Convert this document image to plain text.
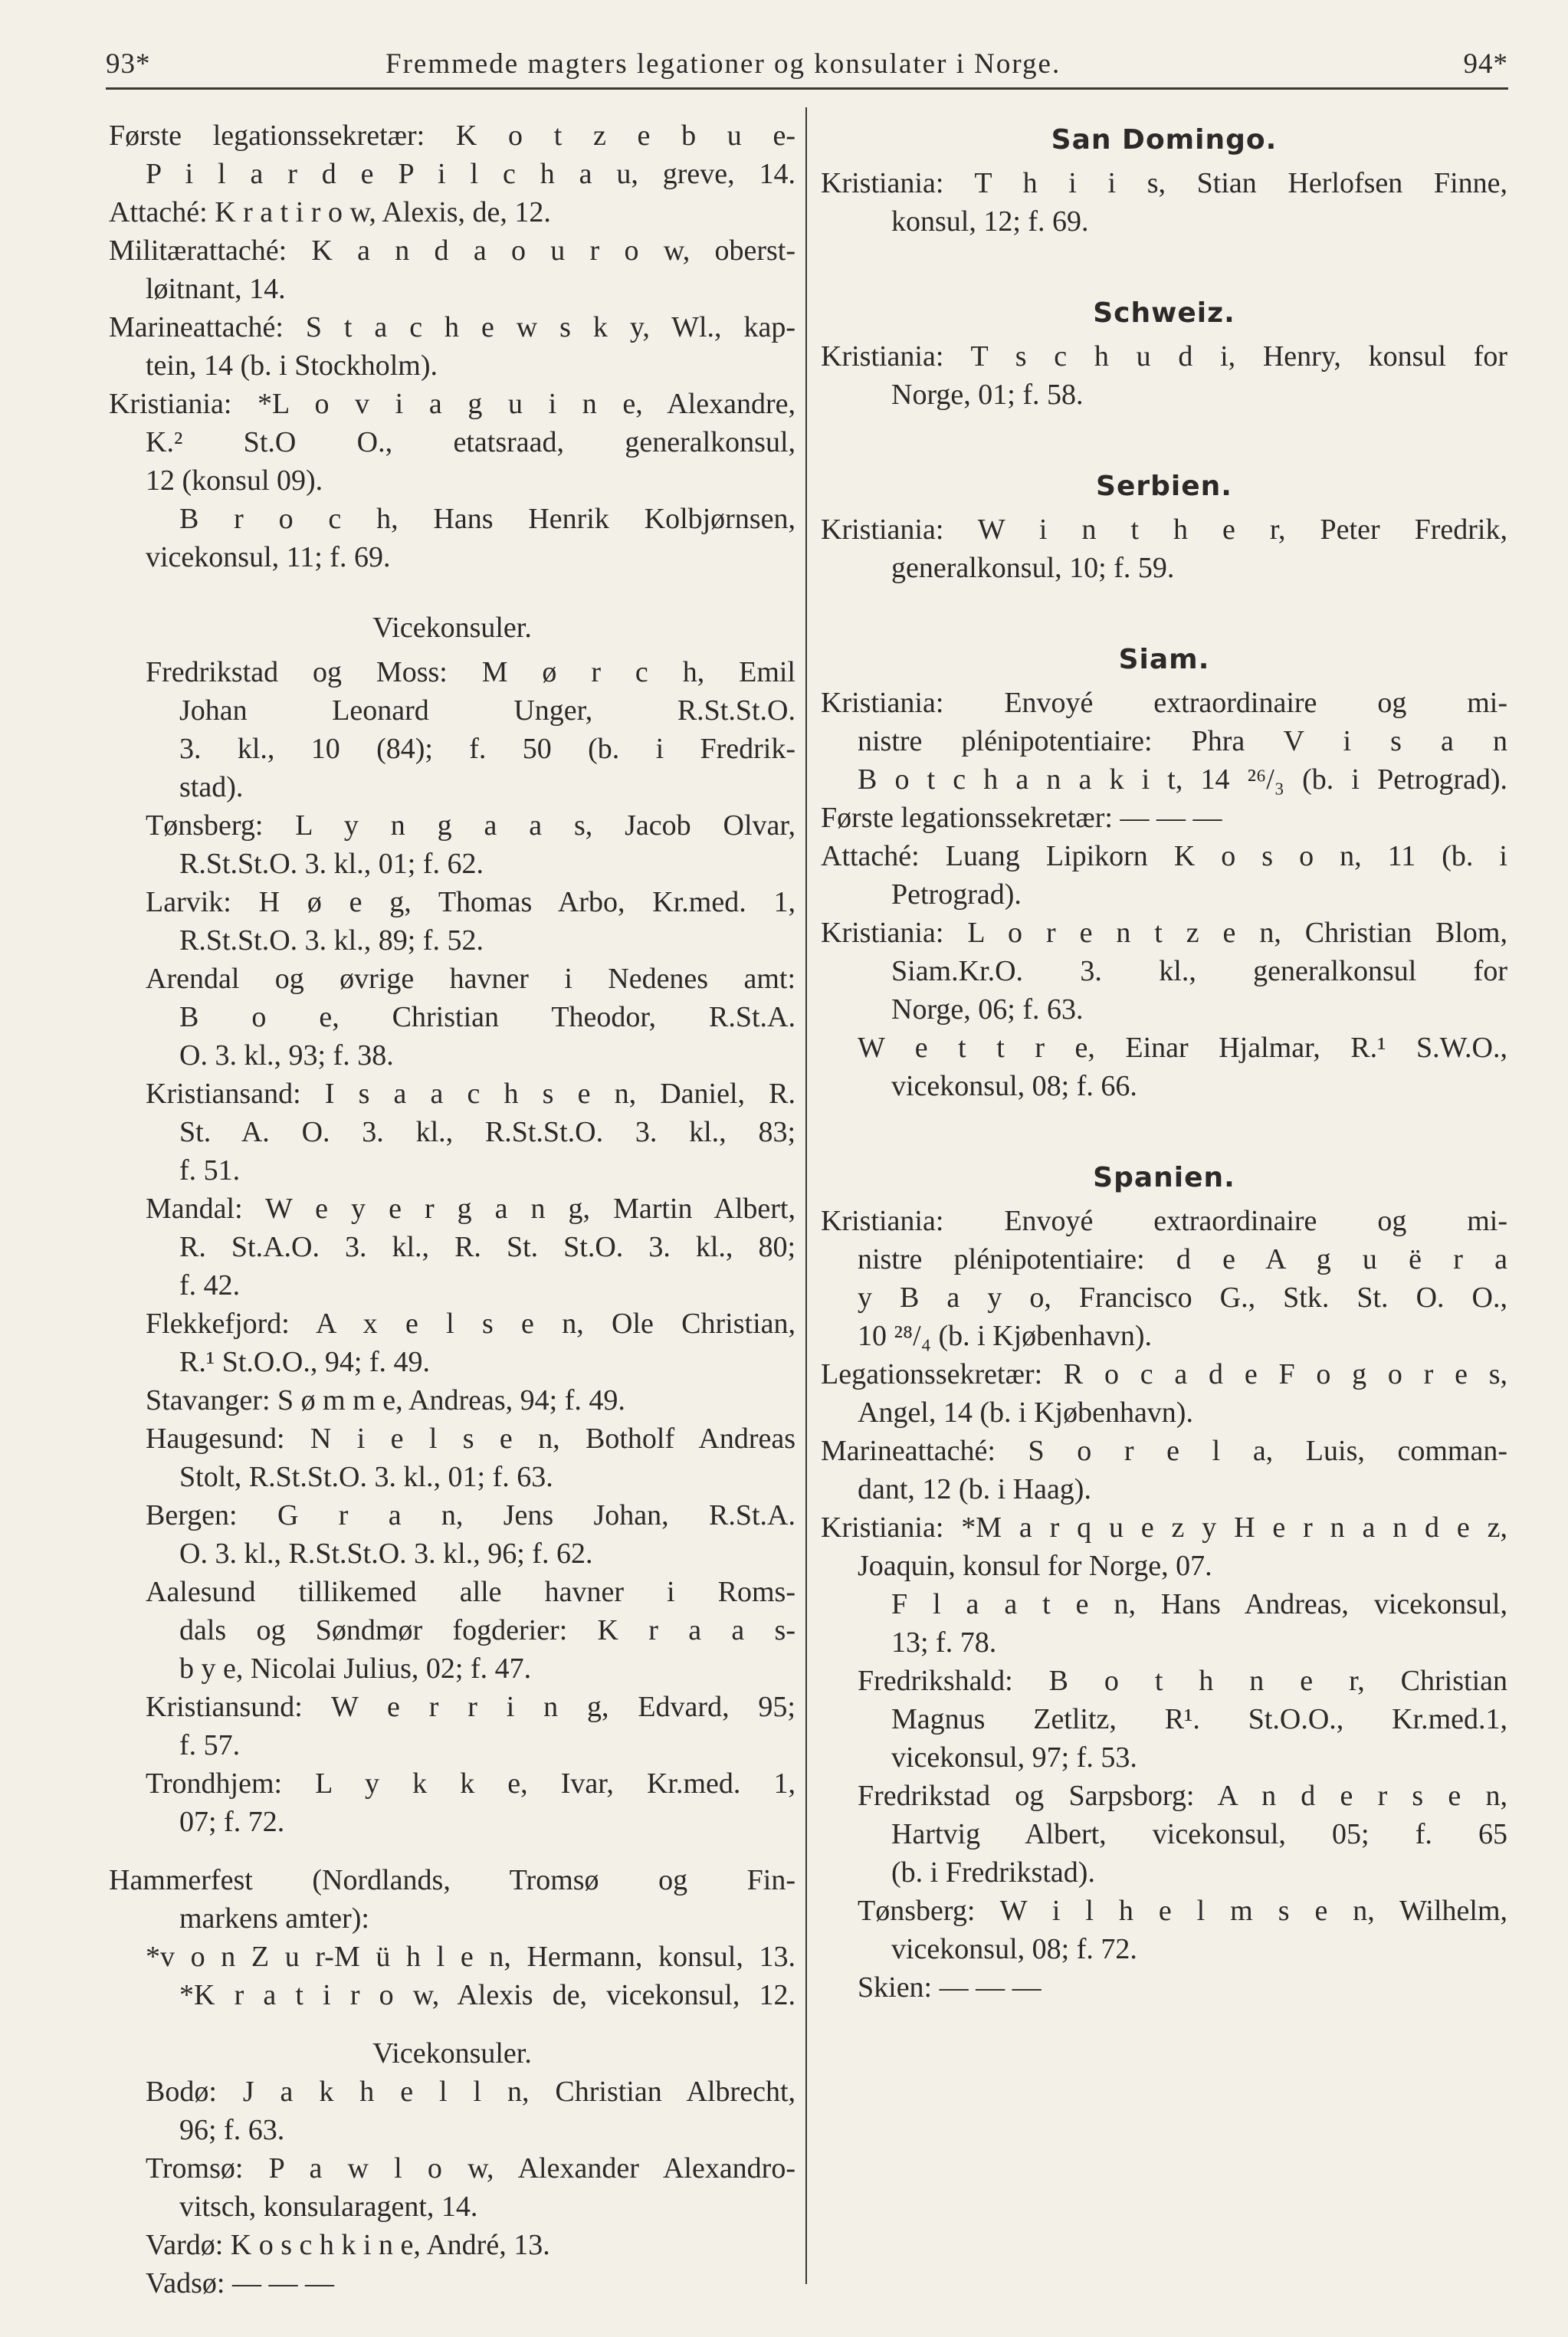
93*	Fremmede magters legationer og konsulater i Norge.	94*
Første legationssekretær: K o t z e b u e-
P i l a r d e P i l c h a u, greve, 14.
Attaché: K r a t i r o w, Alexis, de, 12.
Militærattaché: K a n d a o u r o w, oberst-
løitnant, 14.
Marineattaché: S t a c h e w s k y, Wl., kap-
tein, 14 (b. i Stockholm).
Kristiania: *L o v i a g u i n e, Alexandre,
K.² St.O O., etatsraad, generalkonsul,
12 (konsul 09).
B r o c h, Hans Henrik Kolbjørnsen,
vicekonsul, 11; f. 69.
Vicekonsuler.
Fredrikstad og Moss: M ø r c h, Emil
Johan Leonard Unger, R.St.St.O.
3. kl., 10 (84); f. 50 (b. i Fredrik-
stad).
Tønsberg: L y n g a a s, Jacob Olvar,
R.St.St.O. 3. kl., 01; f. 62.
Larvik: H ø e g, Thomas Arbo, Kr.med. 1,
R.St.St.O. 3. kl., 89; f. 52.
Arendal og øvrige havner i Nedenes amt:
B o e, Christian Theodor, R.St.A.
O. 3. kl., 93; f. 38.
Kristiansand: I s a a c h s e n, Daniel, R.
St. A. O. 3. kl., R.St.St.O. 3. kl., 83;
f. 51.
Mandal: W e y e r g a n g, Martin Albert,
R. St.A.O. 3. kl., R. St. St.O. 3. kl., 80;
f. 42.
Flekkefjord: A x e l s e n, Ole Christian,
R.¹ St.O.O., 94; f. 49.
Stavanger: S ø m m e, Andreas, 94; f. 49.
Haugesund: N i e l s e n, Botholf Andreas
Stolt, R.St.St.O. 3. kl., 01; f. 63.
Bergen: G r a n, Jens Johan, R.St.A.
O. 3. kl., R.St.St.O. 3. kl., 96; f. 62.
Aalesund tillikemed alle havner i Roms-
dals og Søndmør fogderier: K r a a s-
b y e, Nicolai Julius, 02; f. 47.
Kristiansund: W e r r i n g, Edvard, 95;
f. 57.
Trondhjem: L y k k e, Ivar, Kr.med. 1,
07; f. 72.
Hammerfest (Nordlands, Tromsø og Fin-
markens amter):
*v o n Z u r-M ü h l e n, Hermann, konsul, 13.
*K r a t i r o w, Alexis de, vicekonsul, 12.
Vicekonsuler.
Bodø: J a k h e l l n, Christian Albrecht,
96; f. 63.
Tromsø: P a w l o w, Alexander Alexandro-
vitsch, konsularagent, 14.
Vardø: K o s c h k i n e, André, 13.
Vadsø: — — —
San Domingo.
Kristiania: T h i i s, Stian Herlofsen Finne,
konsul, 12; f. 69.
Schweiz.
Kristiania: T s c h u d i, Henry, konsul for
Norge, 01; f. 58.
Serbien.
Kristiania: W i n t h e r, Peter Fredrik,
generalkonsul, 10; f. 59.
Siam.
Kristiania: Envoyé extraordinaire og mi-
nistre plénipotentiaire: Phra V i s a n
B o t c h a n a k i t, 14 ²⁶/₃ (b. i Petrograd).
Første legationssekretær: — — —
Attaché: Luang Lipikorn K o s o n, 11 (b. i
Petrograd).
Kristiania: L o r e n t z e n, Christian Blom,
Siam.Kr.O. 3. kl., generalkonsul for
Norge, 06; f. 63.
W e t t r e, Einar Hjalmar, R.¹ S.W.O.,
vicekonsul, 08; f. 66.
Spanien.
Kristiania: Envoyé extraordinaire og mi-
nistre plénipotentiaire: d e A g u ë r a
y B a y o, Francisco G., Stk. St. O. O.,
10 ²⁸/₄ (b. i Kjøbenhavn).
Legationssekretær: R o c a d e F o g o r e s,
Angel, 14 (b. i Kjøbenhavn).
Marineattaché: S o r e l a, Luis, comman-
dant, 12 (b. i Haag).
Kristiania: *M a r q u e z y H e r n a n d e z,
Joaquin, konsul for Norge, 07.
F l a a t e n, Hans Andreas, vicekonsul,
13; f. 78.
Fredrikshald: B o t h n e r, Christian
Magnus Zetlitz, R¹. St.O.O., Kr.med.1,
vicekonsul, 97; f. 53.
Fredrikstad og Sarpsborg: A n d e r s e n,
Hartvig Albert, vicekonsul, 05; f. 65
(b. i Fredrikstad).
Tønsberg: W i l h e l m s e n, Wilhelm,
vicekonsul, 08; f. 72.
Skien: — — —
